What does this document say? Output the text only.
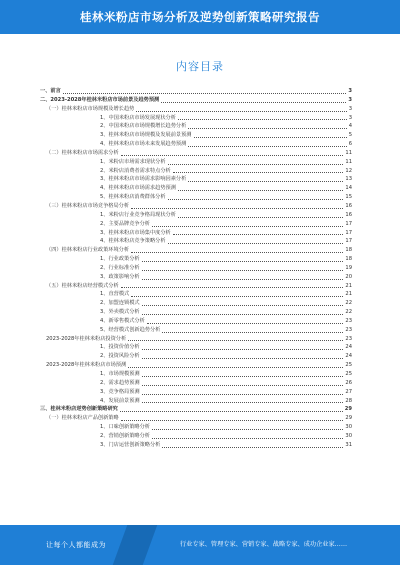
桂林米粉店市场分析及逆势创新策略研究报告
内容目录
一、前言	3
二、2023-2028年桂林米粉店市场前景及趋势预测	3
（一）桂林米粉店市场规模及增长趋势	3
1、中国米粉店市场发展现状分析	3
2、中国米粉店市场规模增长趋势分析	4
3、桂林米粉店市场规模及发展前景预测	5
4、桂林米粉店市场未来发展趋势预测	6
（二）桂林米粉店市场需求分析	11
1、米粉店市场需求现状分析	11
2、米粉店消费者需求特点分析	12
3、桂林米粉店市场需求影响因素分析	13
4、桂林米粉店市场需求趋势预测	14
5、桂林米粉店消费群体分析	15
（三）桂林米粉店市场竞争格局分析	16
1、米粉店行业竞争格局现状分析	16
2、主要品牌竞争分析	17
3、桂林米粉店市场集中度分析	17
4、桂林米粉店竞争策略分析	17
（四）桂林米粉店行业政策环境分析	18
1、行业政策分析	18
2、行业标准分析	19
3、政策影响分析	20
（五）桂林米粉店经营模式分析	21
1、直营模式	21
2、加盟连锁模式	22
3、外卖模式分析	22
4、新零售模式分析	23
5、经营模式创新趋势分析	23
2023-2028年桂林米粉店投资分析	23
1、投资价值分析	24
2、投资风险分析	24
2023-2028年桂林米粉店市场预测	25
1、市场规模预测	25
2、需求趋势预测	26
3、竞争格局预测	27
4、发展前景预测	28
三、桂林米粉店逆势创新策略研究	29
（一）桂林米粉店产品创新策略	29
1、口味创新策略分析	30
2、营销创新策略分析	30
3、门店运营创新策略分析	31
让每个人都能成为	行业专家、管理专家、营销专家、战略专家、成功企业家……
